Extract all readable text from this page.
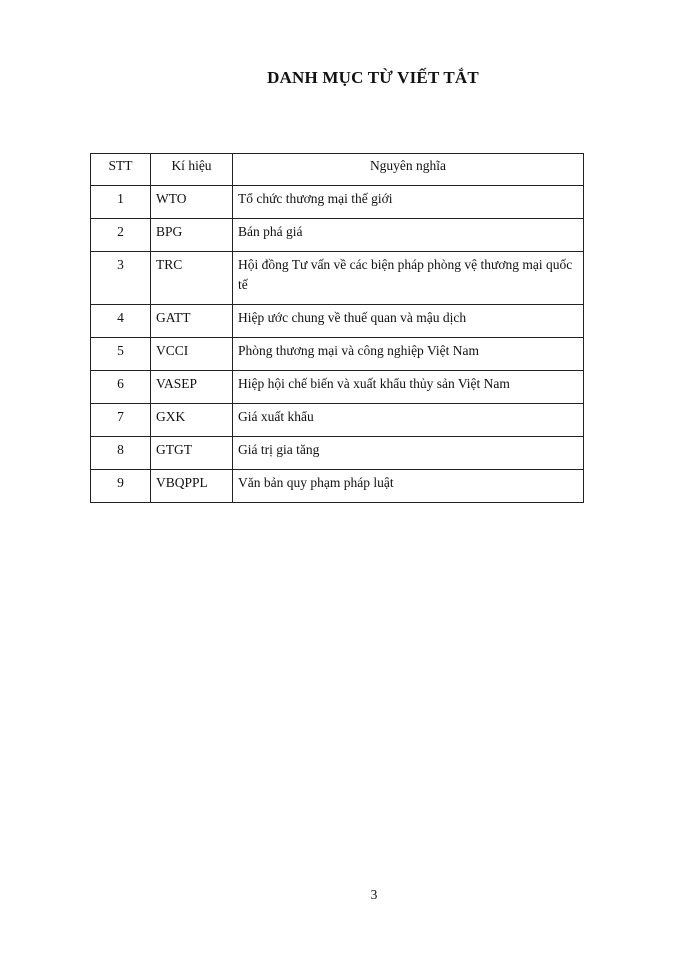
DANH MỤC TỪ VIẾT TẮT
STT	Kí hiệu	Nguyên nghĩa
1	WTO	Tổ chức thương mại thế giới
2	BPG	Bán phá giá
3	TRC	Hội đồng Tư vấn về các biện pháp phòng vệ thương mại quốc tế
4	GATT	Hiệp ước chung về thuế quan và mậu dịch
5	VCCI	Phòng thương mại và công nghiệp Việt Nam
6	VASEP	Hiệp hội chế biến và xuất khẩu thủy sản Việt Nam
7	GXK	Giá xuất khẩu
8	GTGT	Giá trị gia tăng
9	VBQPPL	Văn bản quy phạm pháp luật
3
